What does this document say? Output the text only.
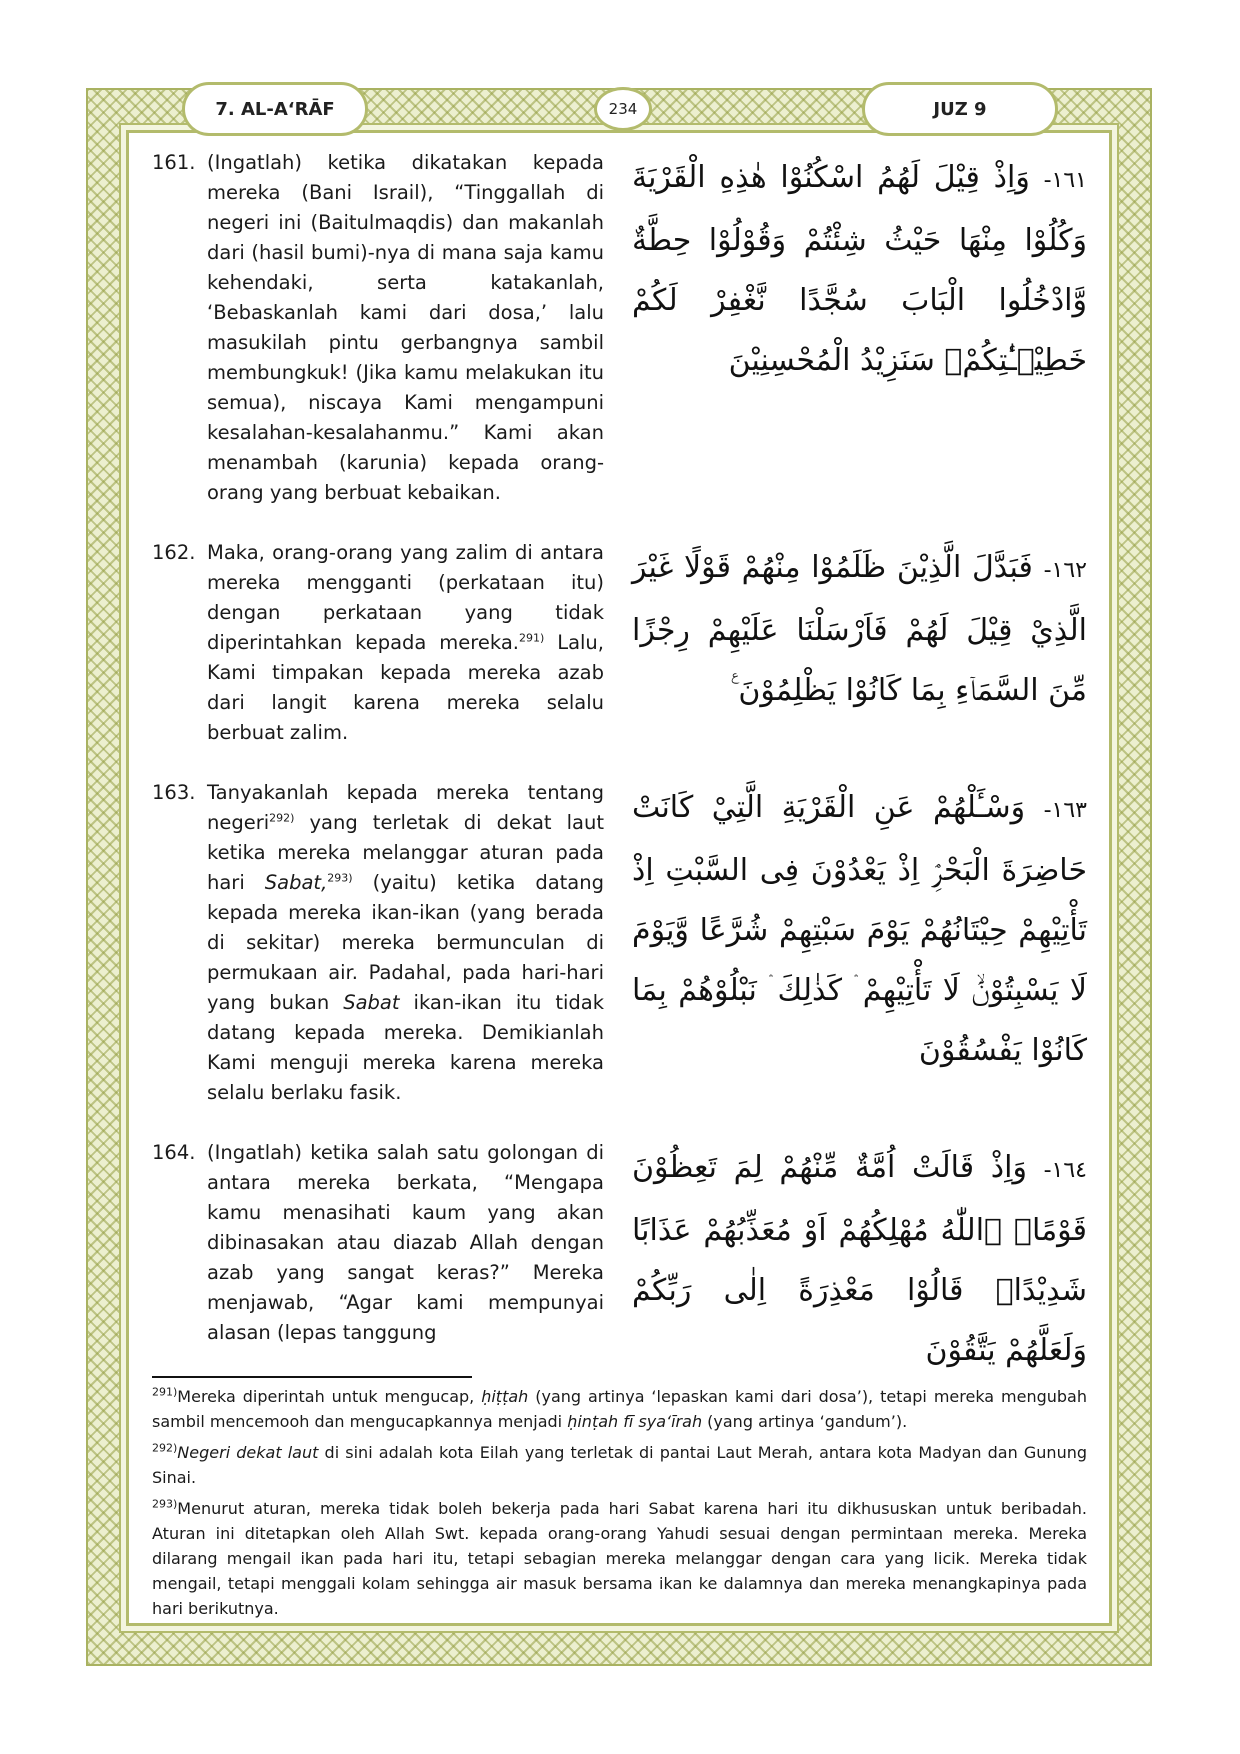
7. AL-A‘RĀF	234	JUZ 9
161. (Ingatlah) ketika dikatakan kepada mereka (Bani Israil), “Tinggallah di negeri ini (Baitulmaqdis) dan makanlah dari (hasil bumi)-nya di mana saja kamu kehendaki, serta katakanlah, ‘Bebaskanlah kami dari dosa,’ lalu masukilah pintu gerbangnya sambil membungkuk! (Jika kamu melakukan itu semua), niscaya Kami mengampuni kesalahan-kesalahanmu.” Kami akan menambah (karunia) kepada orang-orang yang berbuat kebaikan.
١٦١- وَاِذْ قِيْلَ لَهُمُ اسْكُنُوْا هٰذِهِ الْقَرْيَةَ وَكُلُوْا مِنْهَا حَيْثُ شِئْتُمْ وَقُوْلُوْا حِطَّةٌ وَّادْخُلُوا الْبَابَ سُجَّدًا نَّغْفِرْ لَكُمْ خَطِيْۤـٰٔتِكُمْۗ سَنَزِيْدُ الْمُحْسِنِيْنَ
162. Maka, orang-orang yang zalim di antara mereka mengganti (perkataan itu) dengan perkataan yang tidak diperintahkan kepada mereka.$^{291)}$ Lalu, Kami timpakan kepada mereka azab dari langit karena mereka selalu berbuat zalim.
١٦٢- فَبَدَّلَ الَّذِيْنَ ظَلَمُوْا مِنْهُمْ قَوْلًا غَيْرَ الَّذِيْ قِيْلَ لَهُمْ فَاَرْسَلْنَا عَلَيْهِمْ رِجْزًا مِّنَ السَّمَاۤءِ بِمَا كَانُوْا يَظْلِمُوْنَ ࣖ
163. Tanyakanlah kepada mereka tentang negeri$^{292)}$ yang terletak di dekat laut ketika mereka melanggar aturan pada hari Sabat,$^{293)}$ (yaitu) ketika datang kepada mereka ikan-ikan (yang berada di sekitar) mereka bermunculan di permukaan air. Padahal, pada hari-hari yang bukan Sabat ikan-ikan itu tidak datang kepada mereka. Demikianlah Kami menguji mereka karena mereka selalu berlaku fasik.
١٦٣- وَسْـَٔلْهُمْ عَنِ الْقَرْيَةِ الَّتِيْ كَانَتْ حَاضِرَةَ الْبَحْرِۘ اِذْ يَعْدُوْنَ فِى السَّبْتِ اِذْ تَأْتِيْهِمْ حِيْتَانُهُمْ يَوْمَ سَبْتِهِمْ شُرَّعًا وَّيَوْمَ لَا يَسْبِتُوْنَۙ لَا تَأْتِيْهِمْ ۛ كَذٰلِكَ ۛ نَبْلُوْهُمْ بِمَا كَانُوْا يَفْسُقُوْنَ
164. (Ingatlah) ketika salah satu golongan di antara mereka berkata, “Mengapa kamu menasihati kaum yang akan dibinasakan atau diazab Allah dengan azab yang sangat keras?” Mereka menjawab, “Agar kami mempunyai alasan (lepas tanggung
١٦٤- وَاِذْ قَالَتْ اُمَّةٌ مِّنْهُمْ لِمَ تَعِظُوْنَ قَوْمًاۙ ۨاللّٰهُ مُهْلِكُهُمْ اَوْ مُعَذِّبُهُمْ عَذَابًا شَدِيْدًاۗ قَالُوْا مَعْذِرَةً اِلٰى رَبِّكُمْ وَلَعَلَّهُمْ يَتَّقُوْنَ
$^{291)}$Mereka diperintah untuk mengucap, ḥiṭṭah (yang artinya ‘lepaskan kami dari dosa’), tetapi mereka mengubah sambil mencemooh dan mengucapkannya menjadi ḥinṭah fī sya‘īrah (yang artinya ‘gandum’).
$^{292)}$Negeri dekat laut di sini adalah kota Eilah yang terletak di pantai Laut Merah, antara kota Madyan dan Gunung Sinai.
$^{293)}$Menurut aturan, mereka tidak boleh bekerja pada hari Sabat karena hari itu dikhususkan untuk beribadah. Aturan ini ditetapkan oleh Allah Swt. kepada orang-orang Yahudi sesuai dengan permintaan mereka. Mereka dilarang mengail ikan pada hari itu, tetapi sebagian mereka melanggar dengan cara yang licik. Mereka tidak mengail, tetapi menggali kolam sehingga air masuk bersama ikan ke dalamnya dan mereka menangkapinya pada hari berikutnya.
